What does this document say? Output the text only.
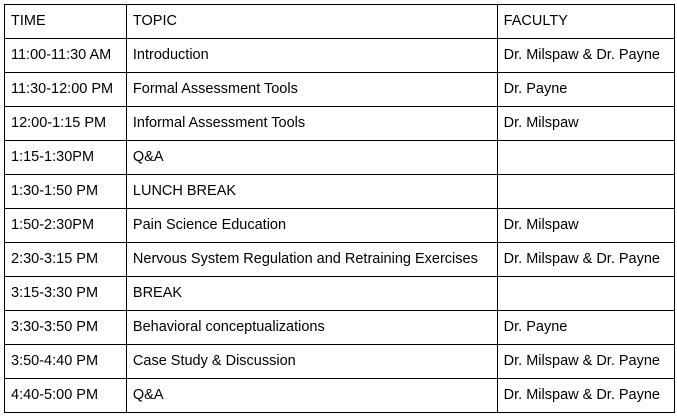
TIME	TOPIC	FACULTY
11:00-11:30 AM	Introduction	Dr. Milspaw & Dr. Payne
11:30-12:00 PM	Formal Assessment Tools	Dr. Payne
12:00-1:15 PM	Informal Assessment Tools	Dr. Milspaw
1:15-1:30PM	Q&A	
1:30-1:50 PM	LUNCH BREAK	
1:50-2:30PM	Pain Science Education	Dr. Milspaw
2:30-3:15 PM	Nervous System Regulation and Retraining Exercises	Dr. Milspaw & Dr. Payne
3:15-3:30 PM	BREAK	
3:30-3:50 PM	Behavioral conceptualizations	Dr. Payne
3:50-4:40 PM	Case Study & Discussion	Dr. Milspaw & Dr. Payne
4:40-5:00 PM	Q&A	Dr. Milspaw & Dr. Payne
